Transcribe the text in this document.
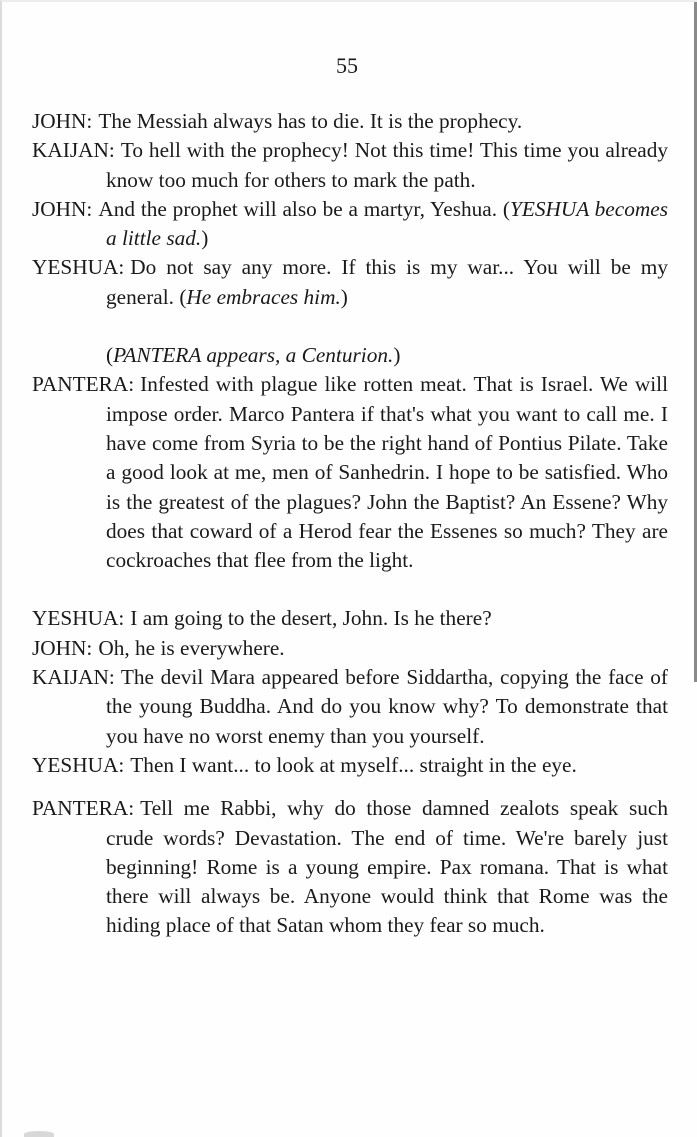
55

JOHN: The Messiah always has to die. It is the prophecy.

KAIJAN: To hell with the prophecy! Not this time! This time you already know too much for others to mark the path.

JOHN: And the prophet will also be a martyr, Yeshua. (YESHUA becomes a little sad.)

YESHUA: Do not say any more. If this is my war... You will be my general. (He embraces him.)

(PANTERA appears, a Centurion.)

PANTERA: Infested with plague like rotten meat. That is Israel. We will impose order. Marco Pantera if that's what you want to call me. I have come from Syria to be the right hand of Pontius Pilate. Take a good look at me, men of Sanhedrin. I hope to be satisfied. Who is the greatest of the plagues? John the Baptist? An Essene? Why does that coward of a Herod fear the Essenes so much? They are cockroaches that flee from the light.

YESHUA: I am going to the desert, John. Is he there?

JOHN: Oh, he is everywhere.

KAIJAN: The devil Mara appeared before Siddartha, copying the face of the young Buddha. And do you know why? To demonstrate that you have no worst enemy than you yourself.

YESHUA: Then I want... to look at myself... straight in the eye.

PANTERA: Tell me Rabbi, why do those damned zealots speak such crude words? Devastation. The end of time. We're barely just beginning! Rome is a young empire. Pax romana. That is what there will always be. Anyone would think that Rome was the hiding place of that Satan whom they fear so much.
